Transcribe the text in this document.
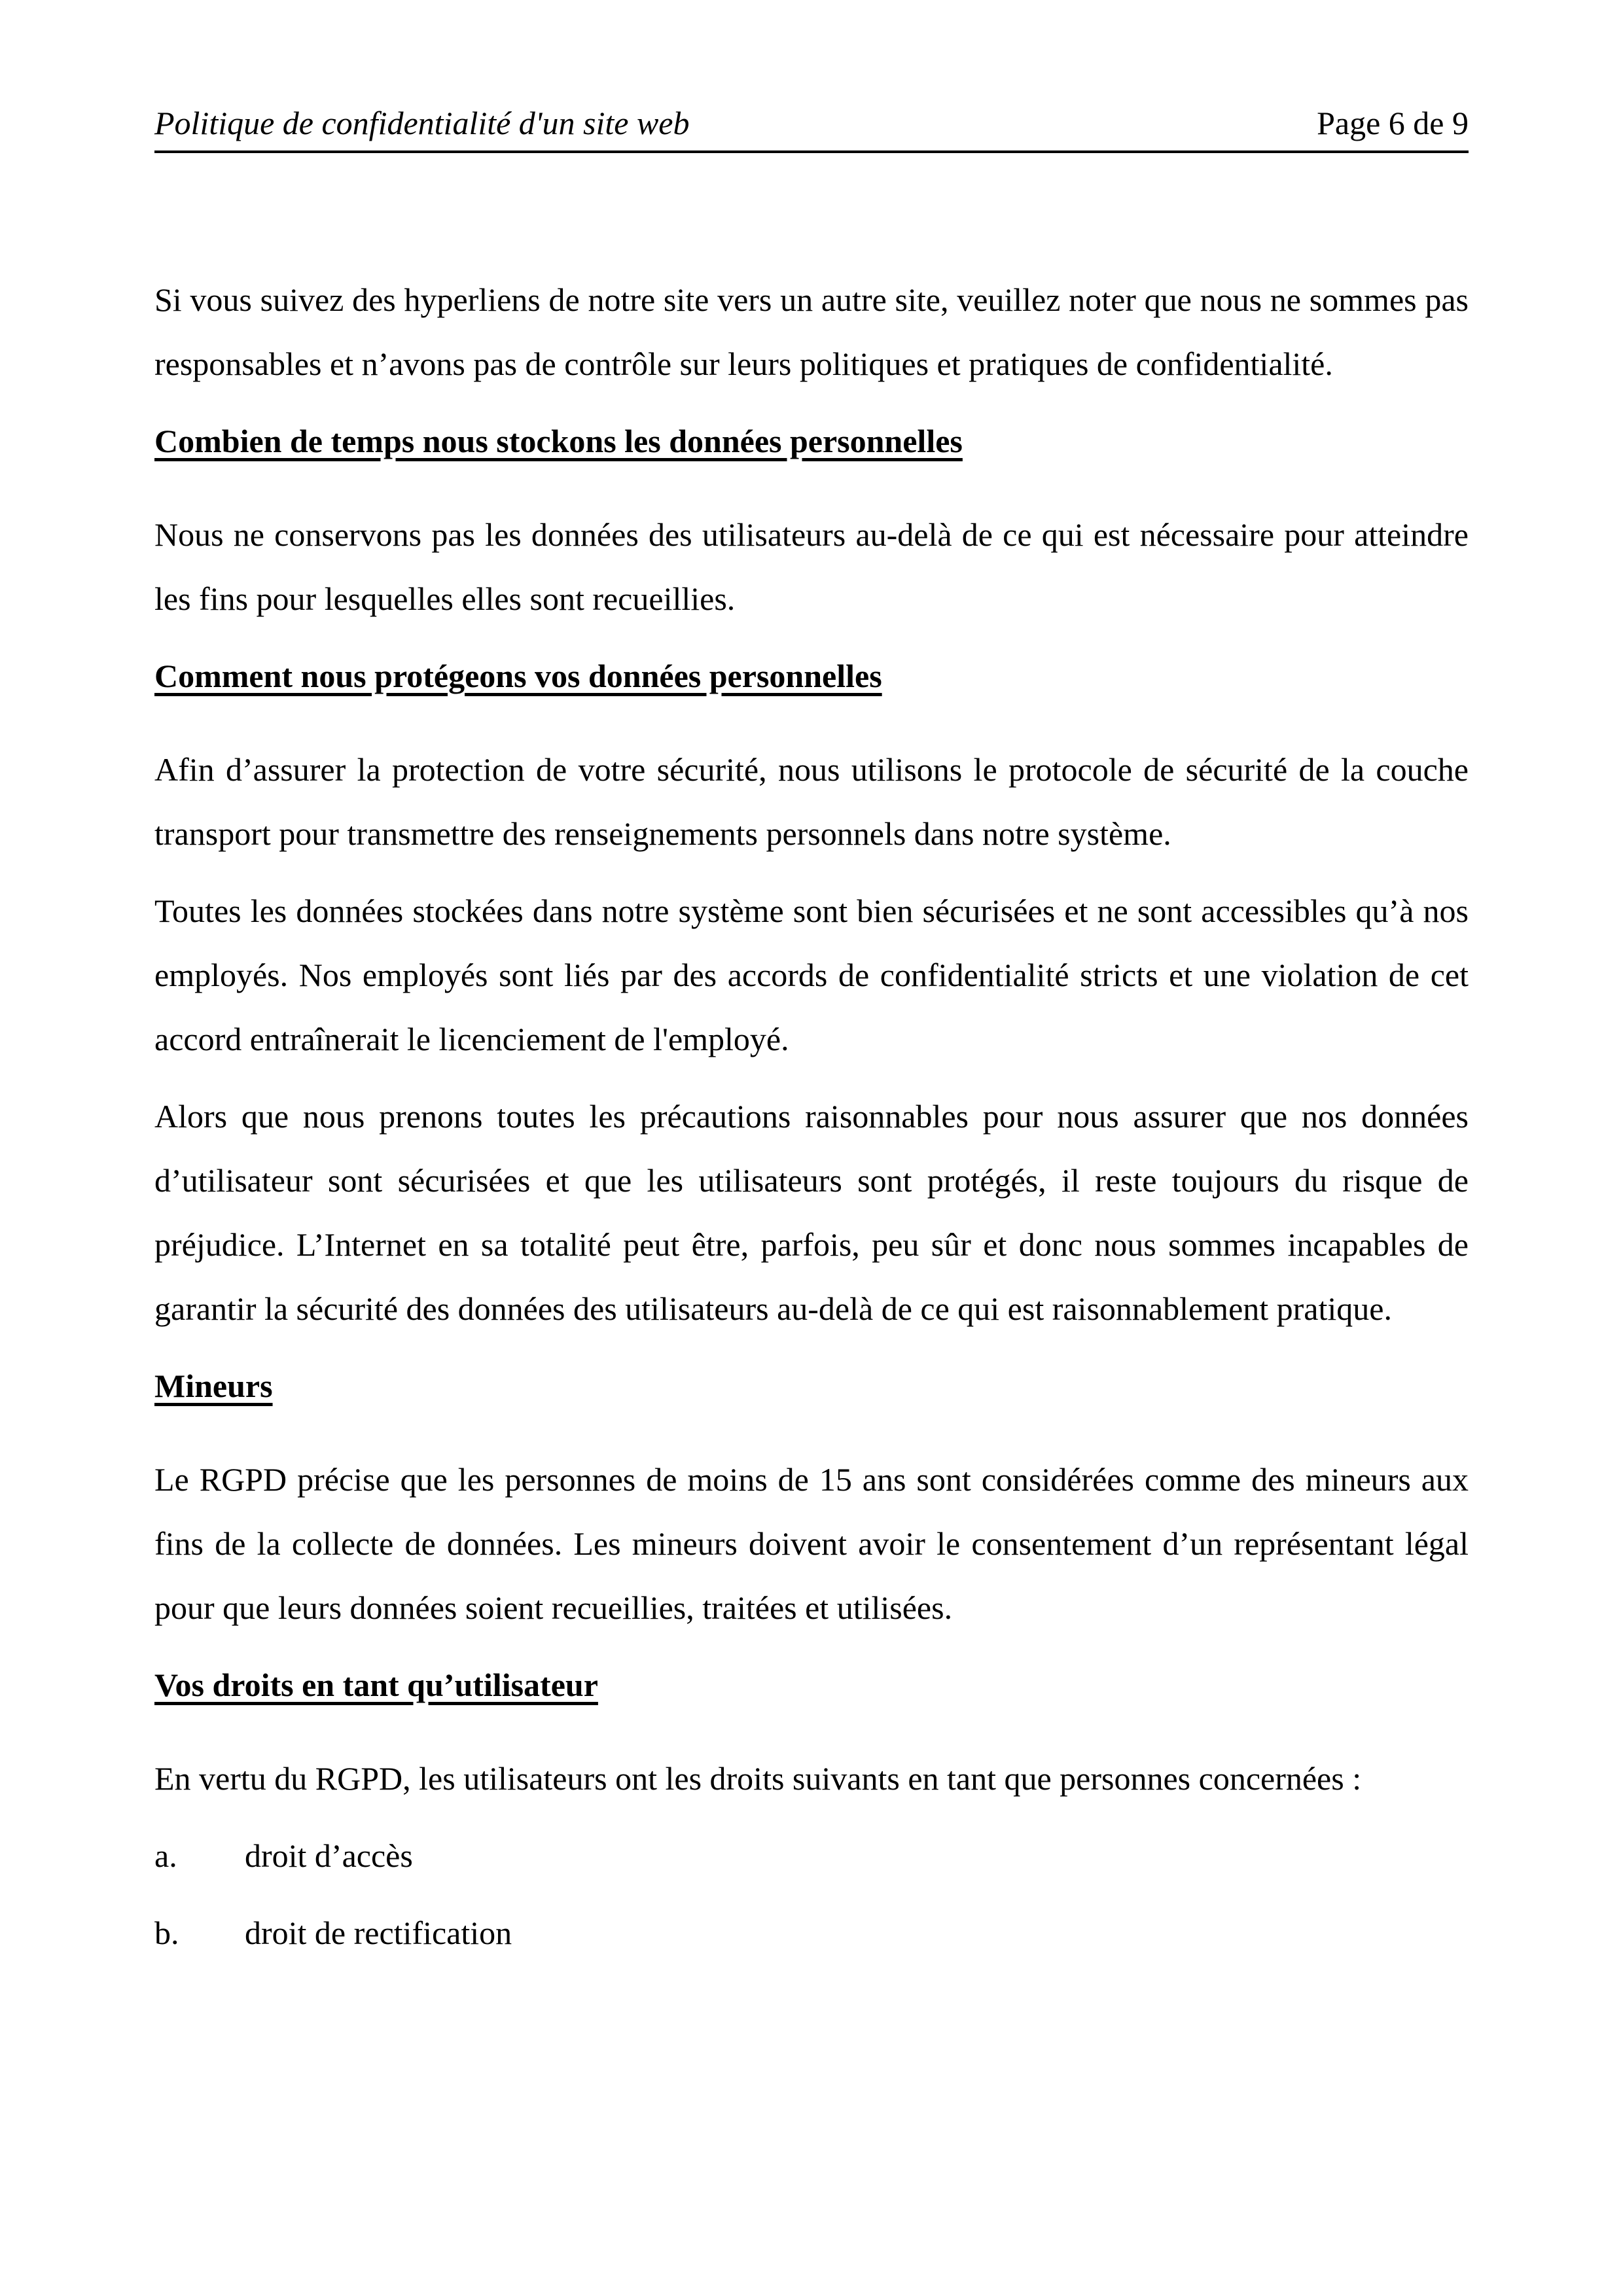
Politique de confidentialité d'un site web	Page 6 de 9

Si vous suivez des hyperliens de notre site vers un autre site, veuillez noter que nous ne sommes pas responsables et n’avons pas de contrôle sur leurs politiques et pratiques de confidentialité.

Combien de temps nous stockons les données personnelles

Nous ne conservons pas les données des utilisateurs au-delà de ce qui est nécessaire pour atteindre les fins pour lesquelles elles sont recueillies.

Comment nous protégeons vos données personnelles

Afin d’assurer la protection de votre sécurité, nous utilisons le protocole de sécurité de la couche transport pour transmettre des renseignements personnels dans notre système.

Toutes les données stockées dans notre système sont bien sécurisées et ne sont accessibles qu’à nos employés. Nos employés sont liés par des accords de confidentialité stricts et une violation de cet accord entraînerait le licenciement de l'employé.

Alors que nous prenons toutes les précautions raisonnables pour nous assurer que nos données d’utilisateur sont sécurisées et que les utilisateurs sont protégés, il reste toujours du risque de préjudice. L’Internet en sa totalité peut être, parfois, peu sûr et donc nous sommes incapables de garantir la sécurité des données des utilisateurs au-delà de ce qui est raisonnablement pratique.

Mineurs

Le RGPD précise que les personnes de moins de 15 ans sont considérées comme des mineurs aux fins de la collecte de données. Les mineurs doivent avoir le consentement d’un représentant légal pour que leurs données soient recueillies, traitées et utilisées.

Vos droits en tant qu’utilisateur

En vertu du RGPD, les utilisateurs ont les droits suivants en tant que personnes concernées :

a. droit d’accès
b. droit de rectification
